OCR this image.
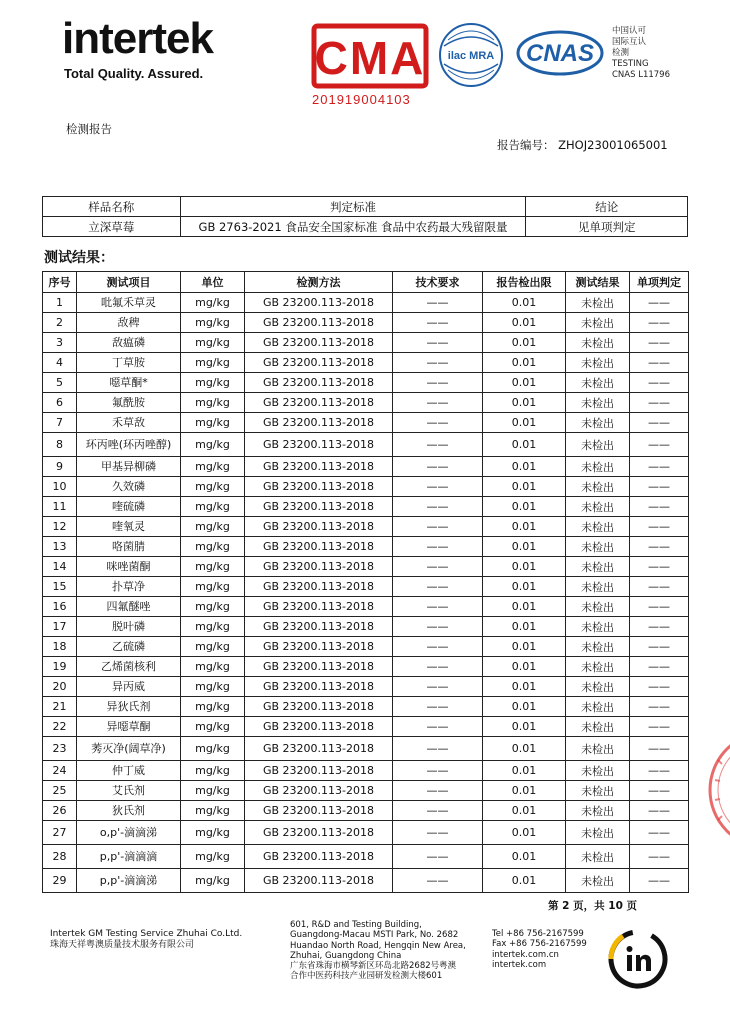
intertek
Total Quality. Assured. CMA
201919004103
ilac MRA CNAS
中国认可
国际互认
检测
TESTING
CNAS L11796
检测报告
报告编号： ZHOJ23001065001
样品名称	判定标准	结论
立深草莓	GB 2763-2021 食品安全国家标准 食品中农药最大残留限量	见单项判定
测试结果：
序号	测试项目	单位	检测方法	技术要求	报告检出限	测试结果	单项判定
1	吡氟禾草灵	mg/kg	GB 23200.113-2018	——	0.01	未检出	——
2	敌稗	mg/kg	GB 23200.113-2018	——	0.01	未检出	——
3	敌瘟磷	mg/kg	GB 23200.113-2018	——	0.01	未检出	——
4	丁草胺	mg/kg	GB 23200.113-2018	——	0.01	未检出	——
5	噁草酮*	mg/kg	GB 23200.113-2018	——	0.01	未检出	——
6	氟酰胺	mg/kg	GB 23200.113-2018	——	0.01	未检出	——
7	禾草敌	mg/kg	GB 23200.113-2018	——	0.01	未检出	——
8	环丙唑(环丙唑醇)	mg/kg	GB 23200.113-2018	——	0.01	未检出	——
9	甲基异柳磷	mg/kg	GB 23200.113-2018	——	0.01	未检出	——
10	久效磷	mg/kg	GB 23200.113-2018	——	0.01	未检出	——
11	喹硫磷	mg/kg	GB 23200.113-2018	——	0.01	未检出	——
12	喹氧灵	mg/kg	GB 23200.113-2018	——	0.01	未检出	——
13	咯菌腈	mg/kg	GB 23200.113-2018	——	0.01	未检出	——
14	咪唑菌酮	mg/kg	GB 23200.113-2018	——	0.01	未检出	——
15	扑草净	mg/kg	GB 23200.113-2018	——	0.01	未检出	——
16	四氟醚唑	mg/kg	GB 23200.113-2018	——	0.01	未检出	——
17	脱叶磷	mg/kg	GB 23200.113-2018	——	0.01	未检出	——
18	乙硫磷	mg/kg	GB 23200.113-2018	——	0.01	未检出	——
19	乙烯菌核利	mg/kg	GB 23200.113-2018	——	0.01	未检出	——
20	异丙威	mg/kg	GB 23200.113-2018	——	0.01	未检出	——
21	异狄氏剂	mg/kg	GB 23200.113-2018	——	0.01	未检出	——
22	异噁草酮	mg/kg	GB 23200.113-2018	——	0.01	未检出	——
23	莠灭净(阔草净)	mg/kg	GB 23200.113-2018	——	0.01	未检出	——
24	仲丁威	mg/kg	GB 23200.113-2018	——	0.01	未检出	——
25	艾氏剂	mg/kg	GB 23200.113-2018	——	0.01	未检出	——
26	狄氏剂	mg/kg	GB 23200.113-2018	——	0.01	未检出	——
27	o,p'-滴滴涕	mg/kg	GB 23200.113-2018	——	0.01	未检出	——
28	p,p'-滴滴滴	mg/kg	GB 23200.113-2018	——	0.01	未检出	——
29	p,p'-滴滴涕	mg/kg	GB 23200.113-2018	——	0.01	未检出	——
第 2 页，共 10 页
Intertek GM Testing Service Zhuhai Co.Ltd.
珠海天祥粤澳质量技术服务有限公司
601, R&D and Testing Building,
Guangdong-Macau MSTI Park, No. 2682
Huandao North Road, Hengqin New Area,
Zhuhai, Guangdong China
广东省珠海市横琴新区环岛北路2682号粤澳
合作中医药科技产业园研发检测大楼601
Tel +86 756-2167599
Fax +86 756-2167599
intertek.com.cn
intertek.com
